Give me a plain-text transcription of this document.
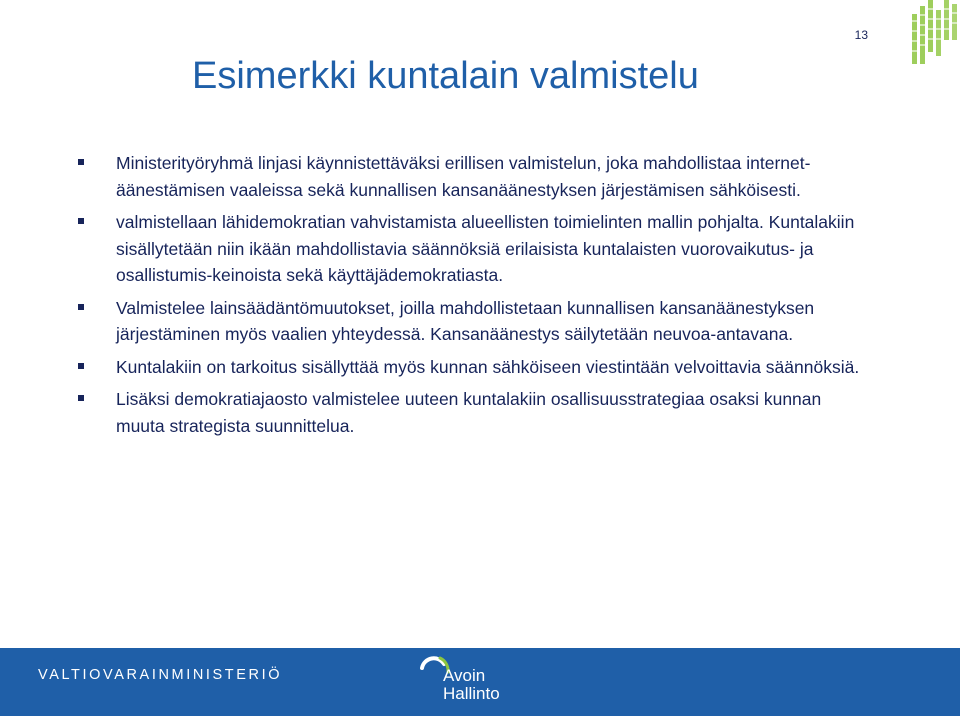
Esimerkki kuntalain valmistelu
Ministerityöryhmä linjasi käynnistettäväksi erillisen valmistelun, joka mahdollistaa internet-äänestämisen vaaleissa sekä kunnallisen kansanäänestyksen järjestämisen sähköisesti.
valmistellaan lähidemokratian vahvistamista alueellisten toimielinten mallin pohjalta. Kuntalakiin sisällytetään niin ikään mahdollistavia säännöksiä erilaisista kuntalaisten vuorovaikutus- ja osallistumis-keinoista sekä käyttäjädemokratiasta.
Valmistelee lainsäädäntömuutokset, joilla mahdollistetaan kunnallisen kansanäänestyksen järjestäminen myös vaalien yhteydessä. Kansanäänestys säilytetään neuvoa-antavana.
Kuntalakiin on tarkoitus sisällyttää myös kunnan sähköiseen viestintään velvoittavia säännöksiä.
Lisäksi demokratiajaosto valmistelee uuteen kuntalakiin osallisuusstrategiaa osaksi kunnan muuta strategista suunnittelua.
VALTIOVARAINMINISTERIÖ	Avoin
Hallinto
13
